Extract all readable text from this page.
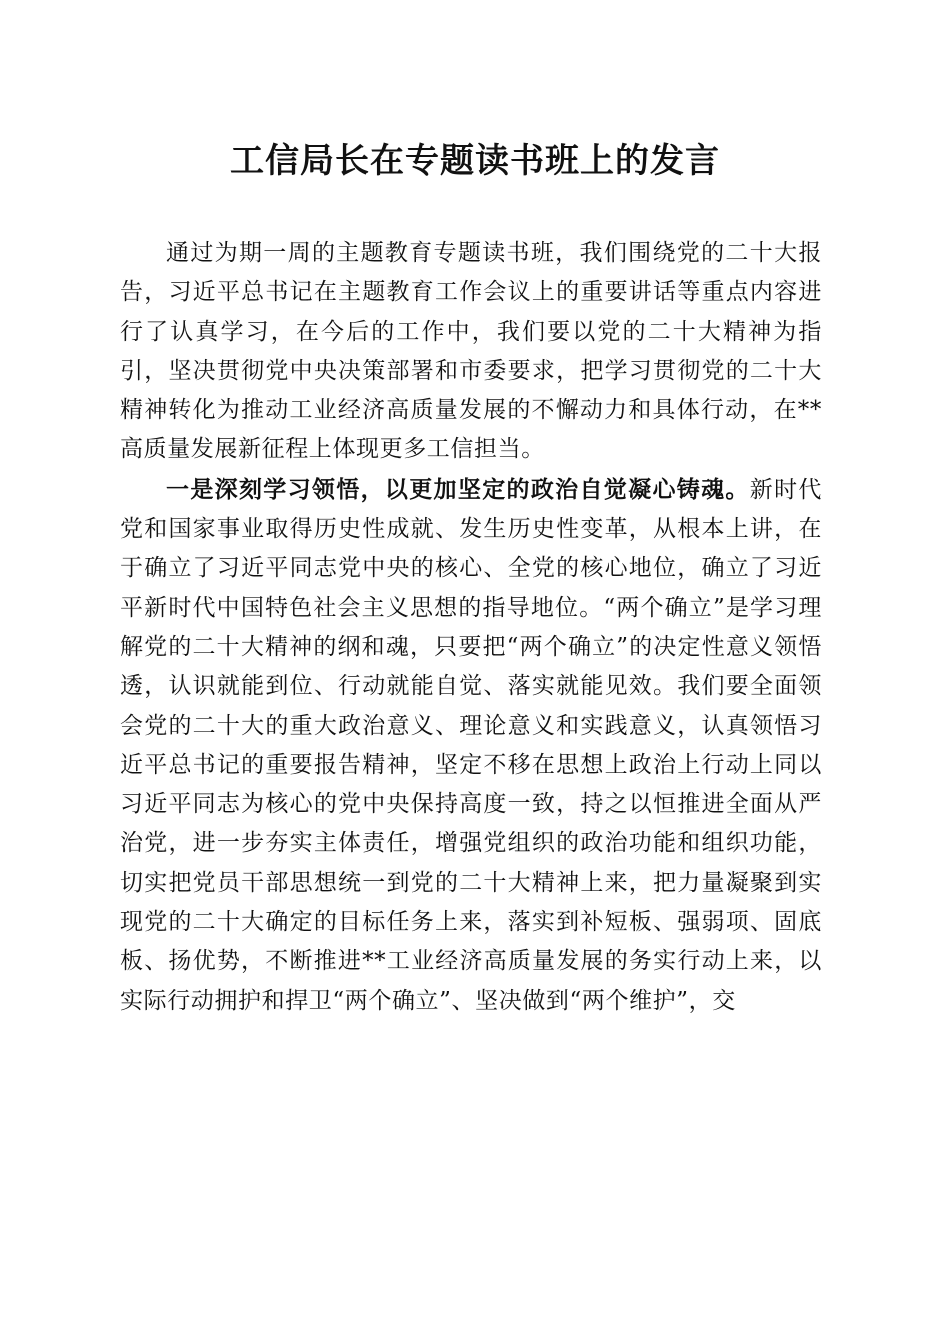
工信局长在专题读书班上的发言

通过为期一周的主题教育专题读书班，我们围绕党的二十大报告，习近平总书记在主题教育工作会议上的重要讲话等重点内容进行了认真学习，在今后的工作中，我们要以党的二十大精神为指引，坚决贯彻党中央决策部署和市委要求，把学习贯彻党的二十大精神转化为推动工业经济高质量发展的不懈动力和具体行动，在**高质量发展新征程上体现更多工信担当。

一是深刻学习领悟，以更加坚定的政治自觉凝心铸魂。新时代党和国家事业取得历史性成就、发生历史性变革，从根本上讲，在于确立了习近平同志党中央的核心、全党的核心地位，确立了习近平新时代中国特色社会主义思想的指导地位。“两个确立”是学习理解党的二十大精神的纲和魂，只要把“两个确立”的决定性意义领悟透，认识就能到位、行动就能自觉、落实就能见效。我们要全面领会党的二十大的重大政治意义、理论意义和实践意义，认真领悟习近平总书记的重要报告精神，坚定不移在思想上政治上行动上同以习近平同志为核心的党中央保持高度一致，持之以恒推进全面从严治党，进一步夯实主体责任，增强党组织的政治功能和组织功能，切实把党员干部思想统一到党的二十大精神上来，把力量凝聚到实现党的二十大确定的目标任务上来，落实到补短板、强弱项、固底板、扬优势，不断推进**工业经济高质量发展的务实行动上来，以实际行动拥护和捍卫“两个确立”、坚决做到“两个维护”，交
